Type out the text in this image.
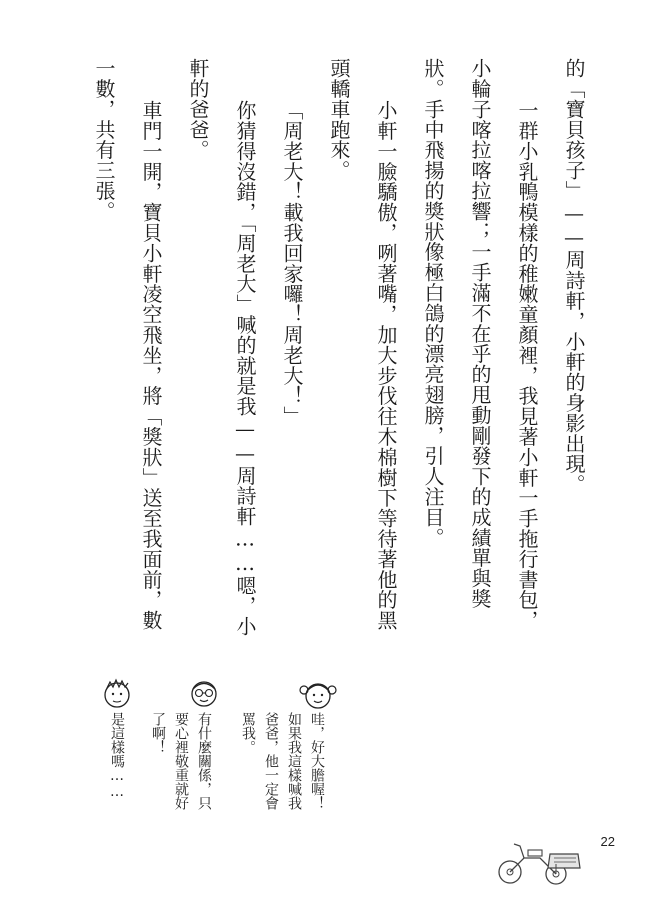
的「寶貝孩子」——周詩軒，小軒的身影出現。
一群小乳鴨模樣的稚嫩童顏裡，我見著小軒一手拖行書包，
小輪子喀拉喀拉響；一手滿不在乎的甩動剛發下的成績單與獎
狀。手中飛揚的獎狀像極白鴿的漂亮翅膀，引人注目。
小軒一臉驕傲，咧著嘴，加大步伐往木棉樹下等待著他的黑
頭轎車跑來。
「周老大！載我回家囉！周老大！」
你猜得沒錯，「周老大」喊的就是我——周詩軒……嗯，小
軒的爸爸。
車門一開，寶貝小軒凌空飛坐，將「獎狀」送至我面前，數
一數，共有三張。
哇，好大膽喔！
如果我這樣喊我
爸爸，他一定會
罵我。
有什麼關係，只
要心裡敬重就好
了啊！
是這樣嗎……
22
